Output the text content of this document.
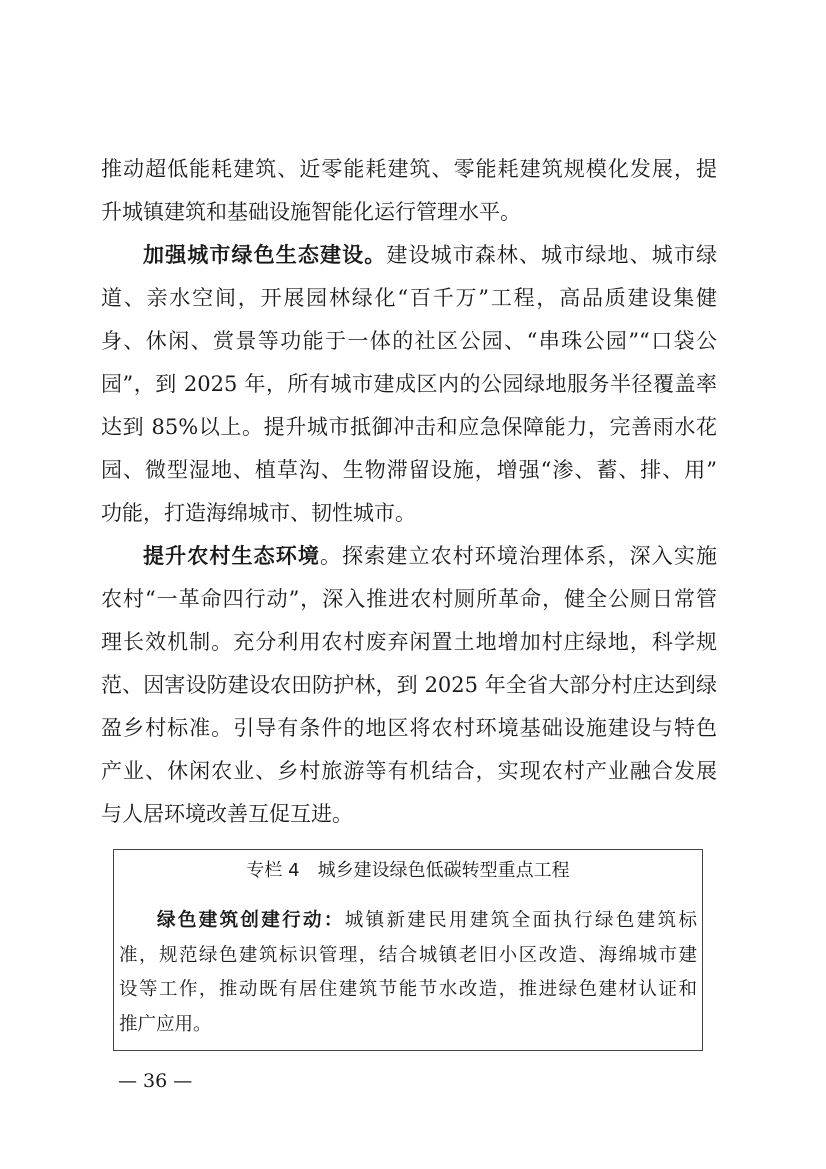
推动超低能耗建筑、近零能耗建筑、零能耗建筑规模化发展，提
升城镇建筑和基础设施智能化运行管理水平。
加强城市绿色生态建设。建设城市森林、城市绿地、城市绿
道、亲水空间，开展园林绿化“百千万”工程，高品质建设集健
身、休闲、赏景等功能于一体的社区公园、“串珠公园”“口袋公
园”，到 2025 年，所有城市建成区内的公园绿地服务半径覆盖率
达到 85%以上。提升城市抵御冲击和应急保障能力，完善雨水花
园、微型湿地、植草沟、生物滞留设施，增强“渗、蓄、排、用”
功能，打造海绵城市、韧性城市。
提升农村生态环境。探索建立农村环境治理体系，深入实施
农村“一革命四行动”，深入推进农村厕所革命，健全公厕日常管
理长效机制。充分利用农村废弃闲置土地增加村庄绿地，科学规
范、因害设防建设农田防护林，到 2025 年全省大部分村庄达到绿
盈乡村标准。引导有条件的地区将农村环境基础设施建设与特色
产业、休闲农业、乡村旅游等有机结合，实现农村产业融合发展
与人居环境改善互促互进。
专栏 4　城乡建设绿色低碳转型重点工程
绿色建筑创建行动：城镇新建民用建筑全面执行绿色建筑标
准，规范绿色建筑标识管理，结合城镇老旧小区改造、海绵城市建
设等工作，推动既有居住建筑节能节水改造，推进绿色建材认证和
推广应用。
— 36 —
